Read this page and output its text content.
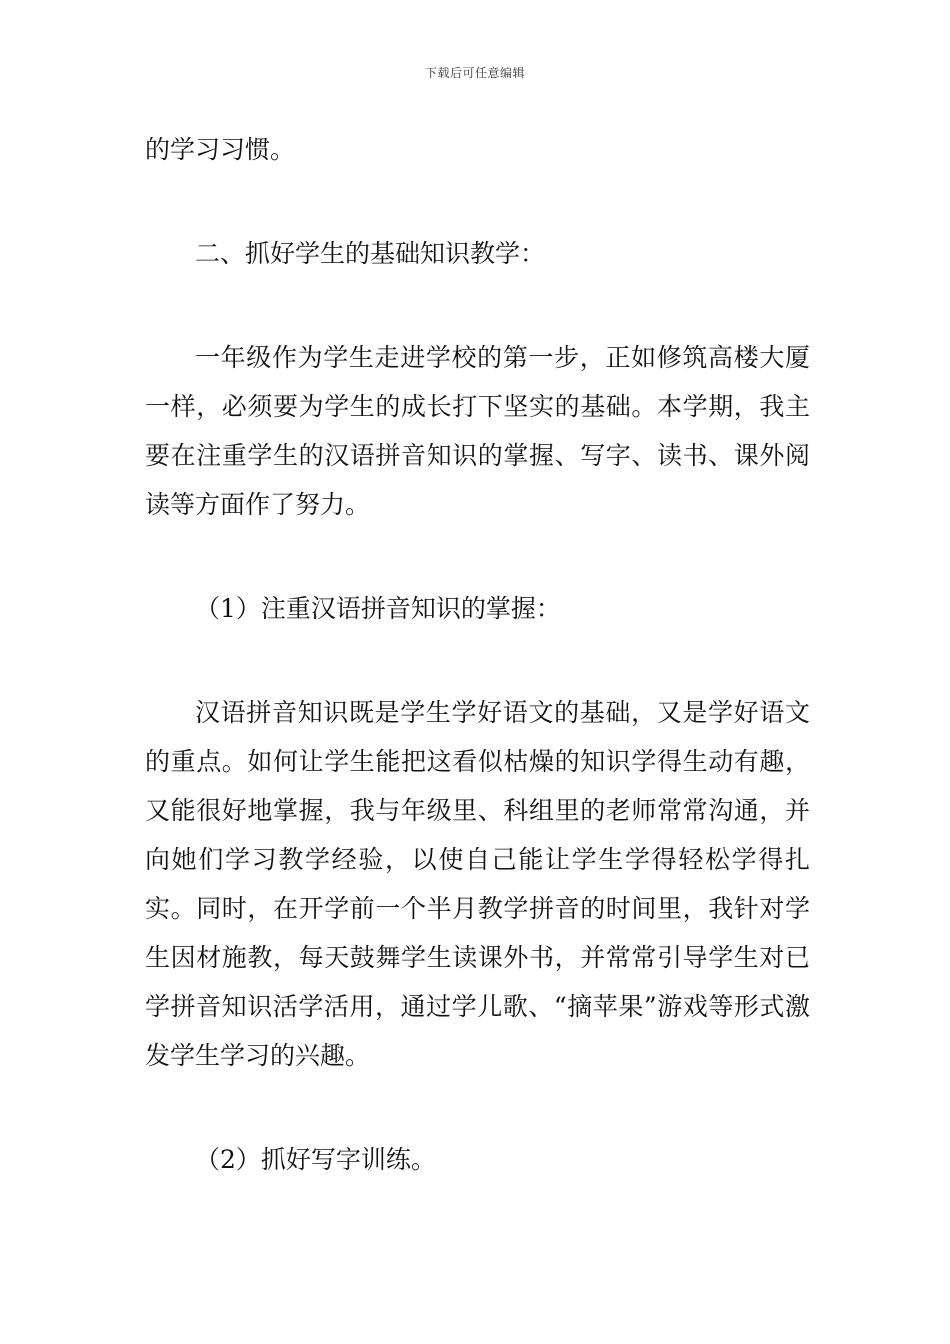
下载后可任意编辑

的学习习惯。

二、抓好学生的基础知识教学：

一年级作为学生走进学校的第一步，正如修筑高楼大厦一样，必须要为学生的成长打下坚实的基础。本学期，我主要在注重学生的汉语拼音知识的掌握、写字、读书、课外阅读等方面作了努力。

（1）注重汉语拼音知识的掌握：

汉语拼音知识既是学生学好语文的基础，又是学好语文的重点。如何让学生能把这看似枯燥的知识学得生动有趣，又能很好地掌握，我与年级里、科组里的老师常常沟通，并向她们学习教学经验，以使自己能让学生学得轻松学得扎实。同时，在开学前一个半月教学拼音的时间里，我针对学生因材施教，每天鼓舞学生读课外书，并常常引导学生对已学拼音知识活学活用，通过学儿歌、“摘苹果”游戏等形式激发学生学习的兴趣。

（2）抓好写字训练。
